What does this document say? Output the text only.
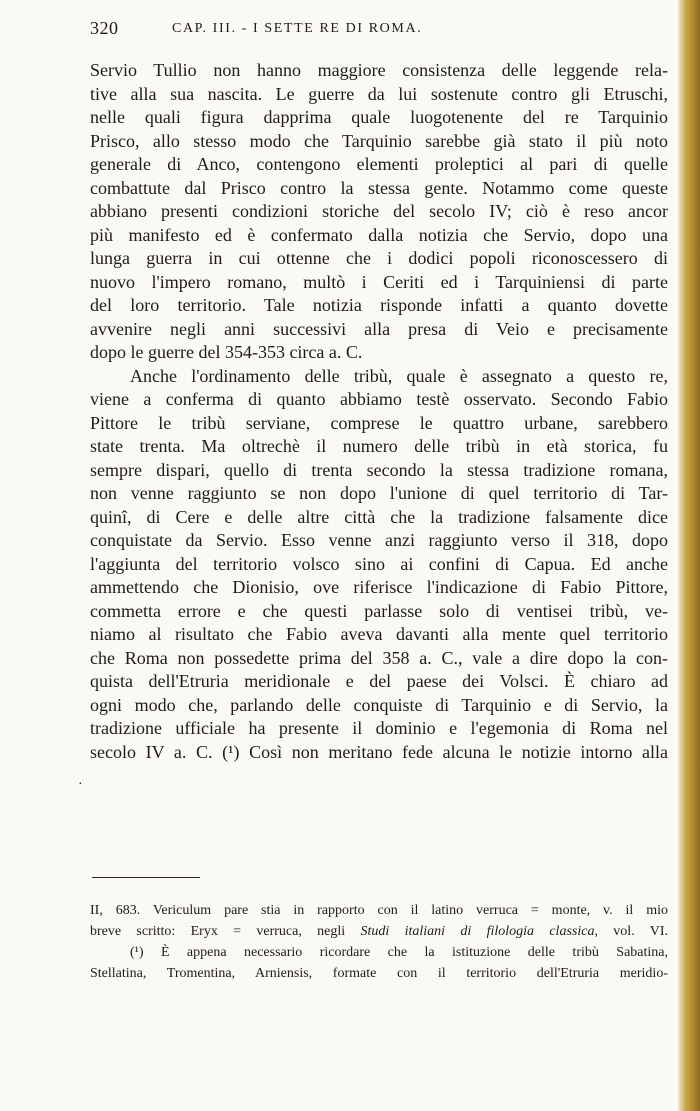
320	CAP. III. - I SETTE RE DI ROMA.
Servio Tullio non hanno maggiore consistenza delle leggende rela-
tive alla sua nascita. Le guerre da lui sostenute contro gli Etruschi,
nelle quali figura dapprima quale luogotenente del re Tarquinio
Prisco, allo stesso modo che Tarquinio sarebbe già stato il più noto
generale di Anco, contengono elementi proleptici al pari di quelle
combattute dal Prisco contro la stessa gente. Notammo come queste
abbiano presenti condizioni storiche del secolo IV; ciò è reso ancor
più manifesto ed è confermato dalla notizia che Servio, dopo una
lunga guerra in cui ottenne che i dodici popoli riconoscessero di
nuovo l'impero romano, multò i Ceriti ed i Tarquiniensi di parte
del loro territorio. Tale notizia risponde infatti a quanto dovette
avvenire negli anni successivi alla presa di Veio e precisamente
dopo le guerre del 354-353 circa a. C.
Anche l'ordinamento delle tribù, quale è assegnato a questo re,
viene a conferma di quanto abbiamo testè osservato. Secondo Fabio
Pittore le tribù serviane, comprese le quattro urbane, sarebbero
state trenta. Ma oltrechè il numero delle tribù in età storica, fu
sempre dispari, quello di trenta secondo la stessa tradizione romana,
non venne raggiunto se non dopo l'unione di quel territorio di Tar-
quinî, di Cere e delle altre città che la tradizione falsamente dice
conquistate da Servio. Esso venne anzi raggiunto verso il 318, dopo
l'aggiunta del territorio volsco sino ai confini di Capua. Ed anche
ammettendo che Dionisio, ove riferisce l'indicazione di Fabio Pittore,
commetta errore e che questi parlasse solo di ventisei tribù, ve-
niamo al risultato che Fabio aveva davanti alla mente quel territorio
che Roma non possedette prima del 358 a. C., vale a dire dopo la con-
quista dell'Etruria meridionale e del paese dei Volsci. È chiaro ad
ogni modo che, parlando delle conquiste di Tarquinio e di Servio, la
tradizione ufficiale ha presente il dominio e l'egemonia di Roma nel
secolo IV a. C. (¹) Così non meritano fede alcuna le notizie intorno alla
·
II, 683. Vericulum pare stia in rapporto con il latino verruca = monte, v. il mio
breve scritto: Eryx = verruca, negli Studi italiani di filologia classica, vol. VI.
(¹) È appena necessario ricordare che la istituzione delle tribù Sabatina,
Stellatina, Tromentina, Arniensis, formate con il territorio dell'Etruria meridio-
